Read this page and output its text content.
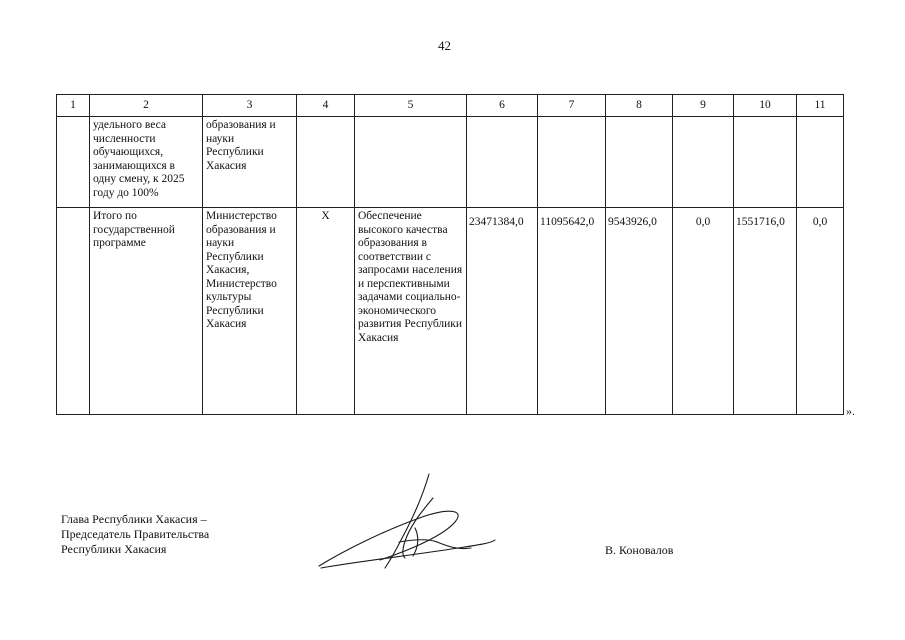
42
1	2	3	4	5	6	7	8	9	10	11
	удельного веса численности обучающихся, занимающихся в одну смену, к 2025 году до 100%	образования и науки Республики Хакасия								
	Итого по государственной программе	Министерство образования и науки Республики Хакасия, Министерство культуры Республики Хакасия	Х	Обеспечение высокого качества образования в соответствии с запросами населения и перспективными задачами социально-экономического развития Республики Хакасия	23471384,0	11095642,0	9543926,0	0,0	1551716,0	0,0
».
Глава Республики Хакасия –
Председатель Правительства
Республики Хакасия	В. Коновалов
